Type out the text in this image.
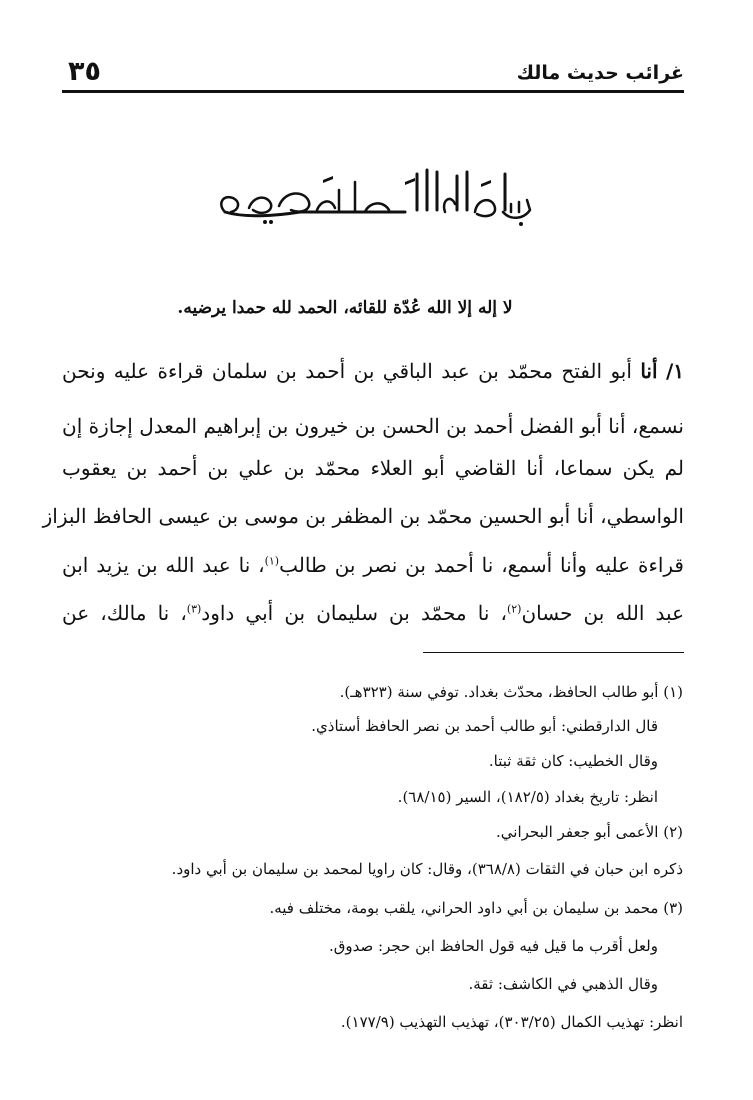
غرائب حديث مالك
٣٥
لا إله إلا الله عُدّة للقائه، الحمد لله حمدا يرضيه.
١/ أنا أبو الفتح محمّد بن عبد الباقي بن أحمد بن سلمان قراءة عليه ونحن
نسمع، أنا أبو الفضل أحمد بن الحسن بن خيرون بن إبراهيم المعدل إجازة إن
لم يكن سماعا، أنا القاضي أبو العلاء محمّد بن علي بن أحمد بن يعقوب
الواسطي، أنا أبو الحسين محمّد بن المظفر بن موسى بن عيسى الحافظ البزاز
قراءة عليه وأنا أسمع، نا أحمد بن نصر بن طالب$^{(١)}$، نا عبد الله بن يزيد ابن
عبد الله بن حسان$^{(٢)}$، نا محمّد بن سليمان بن أبي داود$^{(٣)}$، نا مالك، عن
(١) أبو طالب الحافظ، محدّث بغداد. توفي سنة (٣٢٣هـ).
قال الدارقطني: أبو طالب أحمد بن نصر الحافظ أستاذي.
وقال الخطيب: كان ثقة ثبتا.
انظر: تاريخ بغداد (١٨٢/٥)، السير (٦٨/١٥).
(٢) الأعمى أبو جعفر البحراني.
ذكره ابن حبان في الثقات (٣٦٨/٨)، وقال: كان راويا لمحمد بن سليمان بن أبي داود.
(٣) محمد بن سليمان بن أبي داود الحراني، يلقب بومة، مختلف فيه.
ولعل أقرب ما قيل فيه قول الحافظ ابن حجر: صدوق.
وقال الذهبي في الكاشف: ثقة.
انظر: تهذيب الكمال (٣٠٣/٢٥)، تهذيب التهذيب (١٧٧/٩).
